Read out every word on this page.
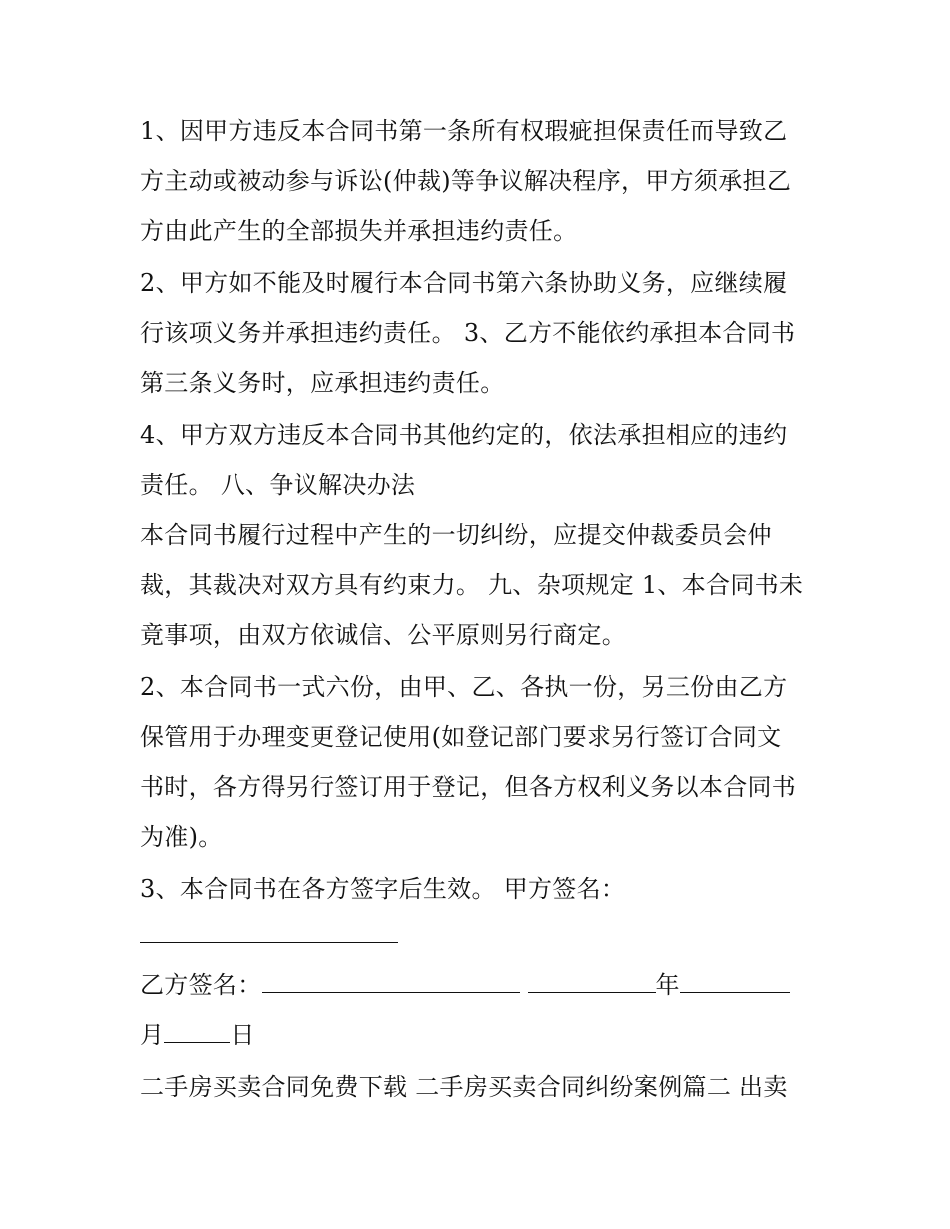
1、因甲方违反本合同书第一条所有权瑕疵担保责任而导致乙
方主动或被动参与诉讼(仲裁)等争议解决程序，甲方须承担乙
方由此产生的全部损失并承担违约责任。
2、甲方如不能及时履行本合同书第六条协助义务，应继续履
行该项义务并承担违约责任。 3、乙方不能依约承担本合同书
第三条义务时，应承担违约责任。
4、甲方双方违反本合同书其他约定的，依法承担相应的违约
责任。 八、争议解决办法
本合同书履行过程中产生的一切纠纷，应提交仲裁委员会仲
裁，其裁决对双方具有约束力。 九、杂项规定 1、本合同书未
竟事项，由双方依诚信、公平原则另行商定。
2、本合同书一式六份，由甲、乙、各执一份，另三份由乙方
保管用于办理变更登记使用(如登记部门要求另行签订合同文
书时，各方得另行签订用于登记，但各方权利义务以本合同书
为准)。
3、本合同书在各方签字后生效。 甲方签名：
乙方签名：	年
月	日
二手房买卖合同免费下载 二手房买卖合同纠纷案例篇二 出卖
